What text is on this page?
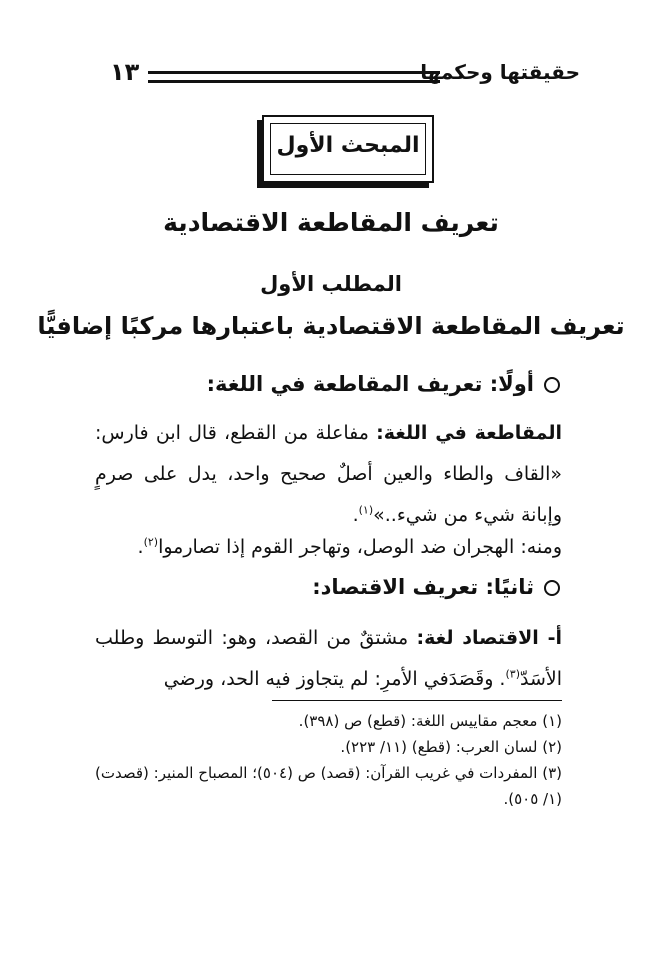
حقيقتها وحكمها
١٣
المبحث الأول
تعريف المقاطعة الاقتصادية
المطلب الأول
تعريف المقاطعة الاقتصادية باعتبارها مركبًا إضافيًّا
أولًا: تعريف المقاطعة في اللغة:
المقاطعة في اللغة: مفاعلة من القطع، قال ابن فارس: «القاف والطاء والعين أصلٌ صحيح واحد، يدل على صرمٍ وإبانة شيء من شيء..»$^{(١)}$.
ومنه: الهجران ضد الوصل، وتهاجر القوم إذا تصارموا$^{(٢)}$.
ثانيًا: تعريف الاقتصاد:
أ- الاقتصاد لغة: مشتقٌ من القصد، وهو: التوسط وطلب الأسَدّ$^{(٣)}$. وقَصَدَفي الأمرِ: لم يتجاوز فيه الحد، ورضي
(١) معجم مقاييس اللغة: (قطع) ص (٣٩٨).
(٢) لسان العرب: (قطع) (١١/ ٢٢٣).
(٣) المفردات في غريب القرآن: (قصد) ص (٥٠٤)؛ المصباح المنير: (قصدت) (١/ ٥٠٥).
